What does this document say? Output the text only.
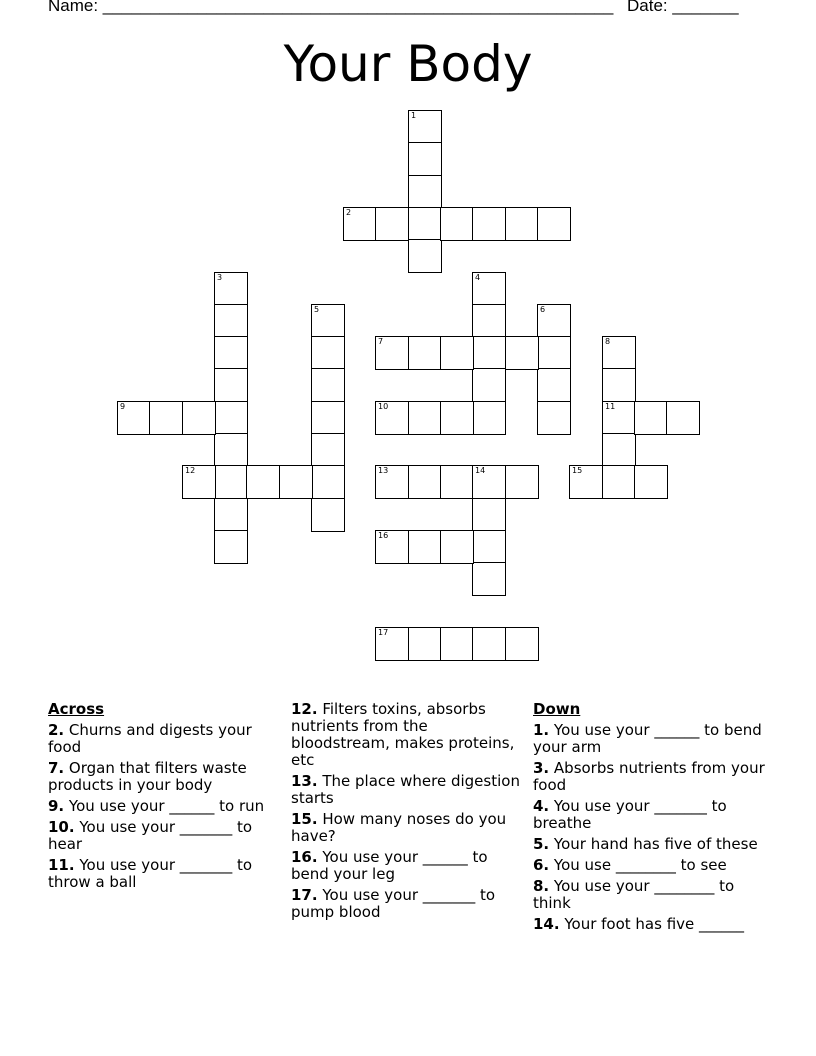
Name: ______________________________________________________ Date: _______
Your Body
1
2
3	4
5	6
7	8
11
9	10
12	13	14	15
16
17
Across
2. Churns and digests your food
7. Organ that filters waste products in your body
9. You use your ______ to run
10. You use your _______ to hear
11. You use your _______ to throw a ball
12. Filters toxins, absorbs nutrients from the bloodstream, makes proteins, etc
13. The place where digestion starts
15. How many noses do you have?
16. You use your ______ to bend your leg
17. You use your _______ to pump blood
Down
1. You use your ______ to bend your arm
3. Absorbs nutrients from your food
4. You use your _______ to breathe
5. Your hand has five of these
6. You use ________ to see
8. You use your ________ to think
14. Your foot has five ______
